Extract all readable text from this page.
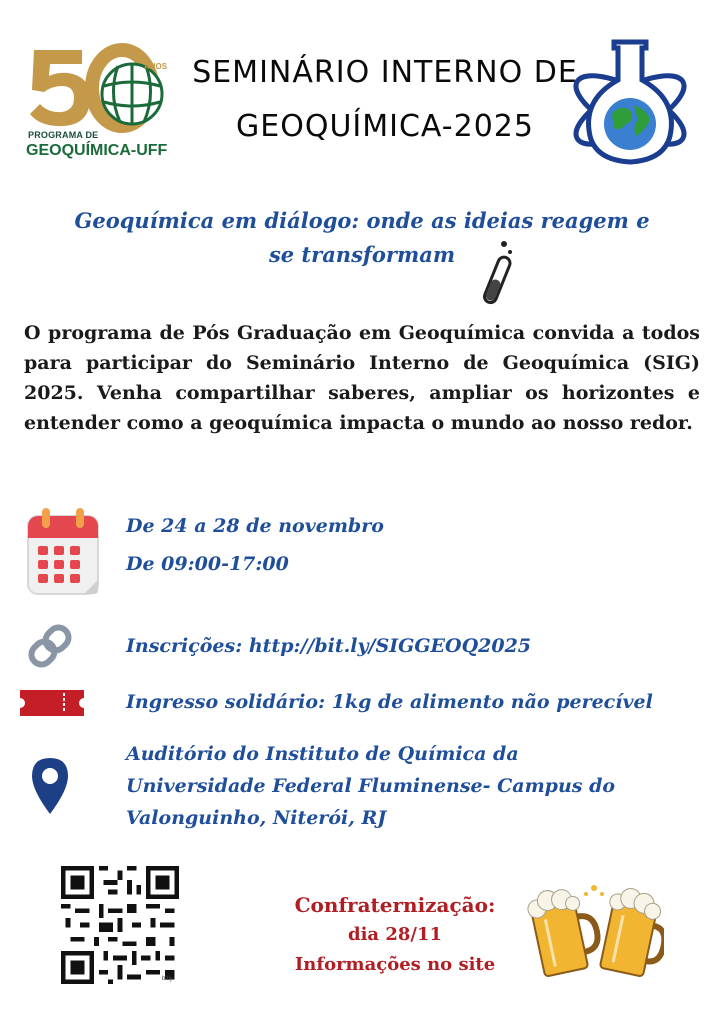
ANOS
PROGRAMA DE
GEOQUÍMICA-UFF
SEMINÁRIO INTERNO DE
GEOQUÍMICA-2025
Geoquímica em diálogo: onde as ideias reagem e
se transformam
O programa de Pós Graduação em Geoquímica convida a todos para participar do Seminário Interno de Geoquímica (SIG) 2025. Venha compartilhar saberes, ampliar os horizontes e entender como a geoquímica impacta o mundo ao nosso redor.
De 24 a 28 de novembro
De 09:00-17:00
Inscrições: http://bit.ly/SIGGEOQ2025
Ingresso solidário: 1kg de alimento não perecível
Auditório do Instituto de Química da
Universidade Federal Fluminense- Campus do
Valonguinho, Niterói, RJ
bitly
Confraternização:
dia 28/11
Informações no site
